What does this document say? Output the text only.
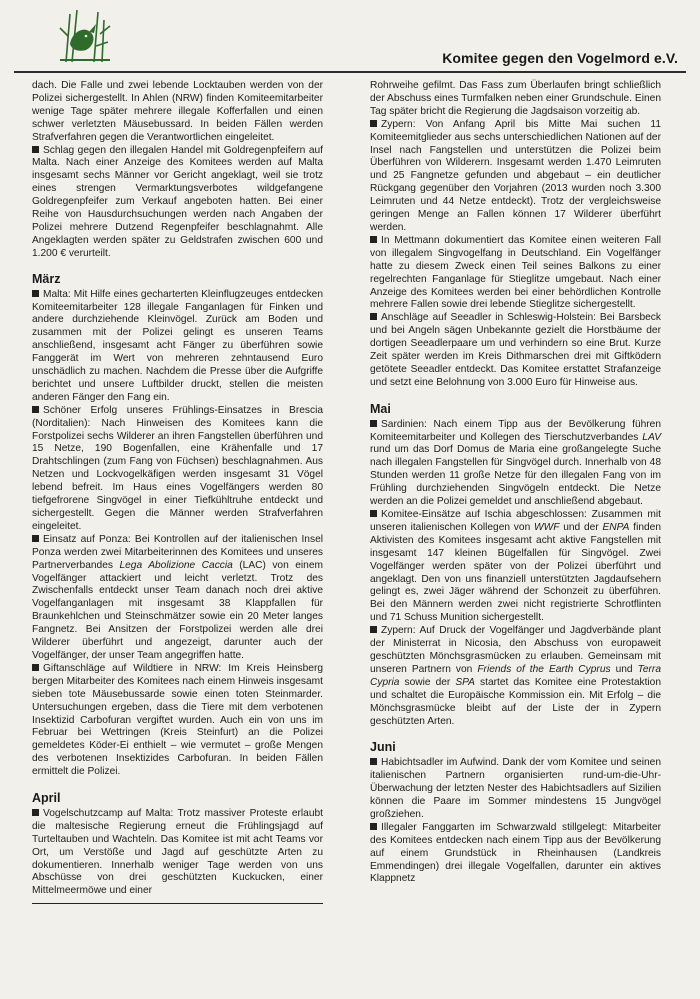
Komitee gegen den Vogelmord e.V.

dach. Die Falle und zwei lebende Locktauben werden von der Polizei sichergestellt. In Ahlen (NRW) finden Komiteemitarbeiter wenige Tage später mehrere illegale Kofferfallen und einen schwer verletzten Mäusebussard. In beiden Fällen werden Strafverfahren gegen die Verantwortlichen eingeleitet.

Schlag gegen den illegalen Handel mit Goldregenpfeifern auf Malta. Nach einer Anzeige des Komitees werden auf Malta insgesamt sechs Männer vor Gericht angeklagt, weil sie trotz eines strengen Vermarktungsverbotes wildgefangene Goldregenpfeifer zum Verkauf angeboten hatten. Bei einer Reihe von Hausdurchsuchungen werden nach Angaben der Polizei mehrere Dutzend Regenpfeifer beschlagnahmt. Alle Angeklagten werden später zu Geldstrafen zwischen 600 und 1.200 € verurteilt.

März

Malta: Mit Hilfe eines gecharterten Kleinflugzeuges entdecken Komiteemitarbeiter 128 illegale Fanganlagen für Finken und andere durchziehende Kleinvögel. Zurück am Boden und zusammen mit der Polizei gelingt es unseren Teams anschließend, insgesamt acht Fänger zu überführen sowie Fanggerät im Wert von mehreren zehntausend Euro unschädlich zu machen. Nachdem die Presse über die Aufgriffe berichtet und unsere Luftbilder druckt, stellen die meisten anderen Fänger den Fang ein.

Schöner Erfolg unseres Frühlings-Einsatzes in Brescia (Norditalien): Nach Hinweisen des Komitees kann die Forstpolizei sechs Wilderer an ihren Fangstellen überführen und 15 Netze, 190 Bogenfallen, eine Krähenfalle und 17 Drahtschlingen (zum Fang von Füchsen) beschlagnahmen. Aus Netzen und Lockvogelkäfigen werden insgesamt 31 Vögel lebend befreit. Im Haus eines Vogelfängers werden 80 tiefgefrorene Singvögel in einer Tiefkühltruhe entdeckt und sichergestellt. Gegen die Männer werden Strafverfahren eingeleitet.

Einsatz auf Ponza: Bei Kontrollen auf der italienischen Insel Ponza werden zwei Mitarbeiterinnen des Komitees und unseres Partnerverbandes Lega Abolizione Caccia (LAC) von einem Vogelfänger attackiert und leicht verletzt. Trotz des Zwischenfalls entdeckt unser Team danach noch drei aktive Vogelfanganlagen mit insgesamt 38 Klappfallen für Braunkehlchen und Steinschmätzer sowie ein 20 Meter langes Fangnetz. Bei Ansitzen der Forstpolizei werden alle drei Wilderer überführt und angezeigt, darunter auch der Vogelfänger, der unser Team angegriffen hatte.

Giftanschläge auf Wildtiere in NRW: Im Kreis Heinsberg bergen Mitarbeiter des Komitees nach einem Hinweis insgesamt sieben tote Mäusebussarde sowie einen toten Steinmarder. Untersuchungen ergeben, dass die Tiere mit dem verbotenen Insektizid Carbofuran vergiftet wurden. Auch ein von uns im Februar bei Wettringen (Kreis Steinfurt) an die Polizei gemeldetes Köder-Ei enthielt – wie vermutet – große Mengen des verbotenen Insektizides Carbofuran. In beiden Fällen ermittelt die Polizei.

April

Vogelschutzcamp auf Malta: Trotz massiver Proteste erlaubt die maltesische Regierung erneut die Frühlingsjagd auf Turteltauben und Wachteln. Das Komitee ist mit acht Teams vor Ort, um Verstöße und Jagd auf geschützte Arten zu dokumentieren. Innerhalb weniger Tage werden von uns Abschüsse von drei geschützten Kuckucken, einer Mittelmeermöwe und einer

Rohrweihe gefilmt. Das Fass zum Überlaufen bringt schließlich der Abschuss eines Turmfalken neben einer Grundschule. Einen Tag später bricht die Regierung die Jagdsaison vorzeitig ab.

Zypern: Von Anfang April bis Mitte Mai suchen 11 Komiteemitglieder aus sechs unterschiedlichen Nationen auf der Insel nach Fangstellen und unterstützen die Polizei beim Überführen von Wilderern. Insgesamt werden 1.470 Leimruten und 25 Fangnetze gefunden und abgebaut – ein deutlicher Rückgang gegenüber den Vorjahren (2013 wurden noch 3.300 Leimruten und 44 Netze entdeckt). Trotz der vergleichsweise geringen Menge an Fallen können 17 Wilderer überführt werden.

In Mettmann dokumentiert das Komitee einen weiteren Fall von illegalem Singvogelfang in Deutschland. Ein Vogelfänger hatte zu diesem Zweck einen Teil seines Balkons zu einer regelrechten Fanganlage für Stieglitze umgebaut. Nach einer Anzeige des Komitees werden bei einer behördlichen Kontrolle mehrere Fallen sowie drei lebende Stieglitze sichergestellt.

Anschläge auf Seeadler in Schleswig-Holstein: Bei Barsbeck und bei Angeln sägen Unbekannte gezielt die Horstbäume der dortigen Seeadlerpaare um und verhindern so eine Brut. Kurze Zeit später werden im Kreis Dithmarschen drei mit Giftködern getötete Seeadler entdeckt. Das Komitee erstattet Strafanzeige und setzt eine Belohnung von 3.000 Euro für Hinweise aus.

Mai

Sardinien: Nach einem Tipp aus der Bevölkerung führen Komiteemitarbeiter und Kollegen des Tierschutzverbandes LAV rund um das Dorf Domus de Maria eine großangelegte Suche nach illegalen Fangstellen für Singvögel durch. Innerhalb von 48 Stunden werden 11 große Netze für den illegalen Fang von im Frühling durchziehenden Singvögeln entdeckt. Die Netze werden an die Polizei gemeldet und anschließend abgebaut.

Komitee-Einsätze auf Ischia abgeschlossen: Zusammen mit unseren italienischen Kollegen von WWF und der ENPA finden Aktivisten des Komitees insgesamt acht aktive Fangstellen mit insgesamt 147 kleinen Bügelfallen für Singvögel. Zwei Vogelfänger werden später von der Polizei überführt und angeklagt. Den von uns finanziell unterstützten Jagdaufsehern gelingt es, zwei Jäger während der Schonzeit zu überführen. Bei den Männern werden zwei nicht registrierte Schrotflinten und 71 Schuss Munition sichergestellt.

Zypern: Auf Druck der Vogelfänger und Jagdverbände plant der Ministerrat in Nicosia, den Abschuss von europaweit geschützten Mönchsgrasmücken zu erlauben. Gemeinsam mit unseren Partnern von Friends of the Earth Cyprus und Terra Cypria sowie der SPA startet das Komitee eine Protestaktion und schaltet die Europäische Kommission ein. Mit Erfolg – die Mönchsgrasmücke bleibt auf der Liste der in Zypern geschützten Arten.

Juni

Habichtsadler im Aufwind. Dank der vom Komitee und seinen italienischen Partnern organisierten rund-um-die-Uhr-Überwachung der letzten Nester des Habichtsadlers auf Sizilien können die Paare im Sommer mindestens 15 Jungvögel großziehen.

Illegaler Fanggarten im Schwarzwald stillgelegt: Mitarbeiter des Komitees entdecken nach einem Tipp aus der Bevölkerung auf einem Grundstück in Rheinhausen (Landkreis Emmendingen) drei illegale Vogelfallen, darunter ein aktives Klappnetz
